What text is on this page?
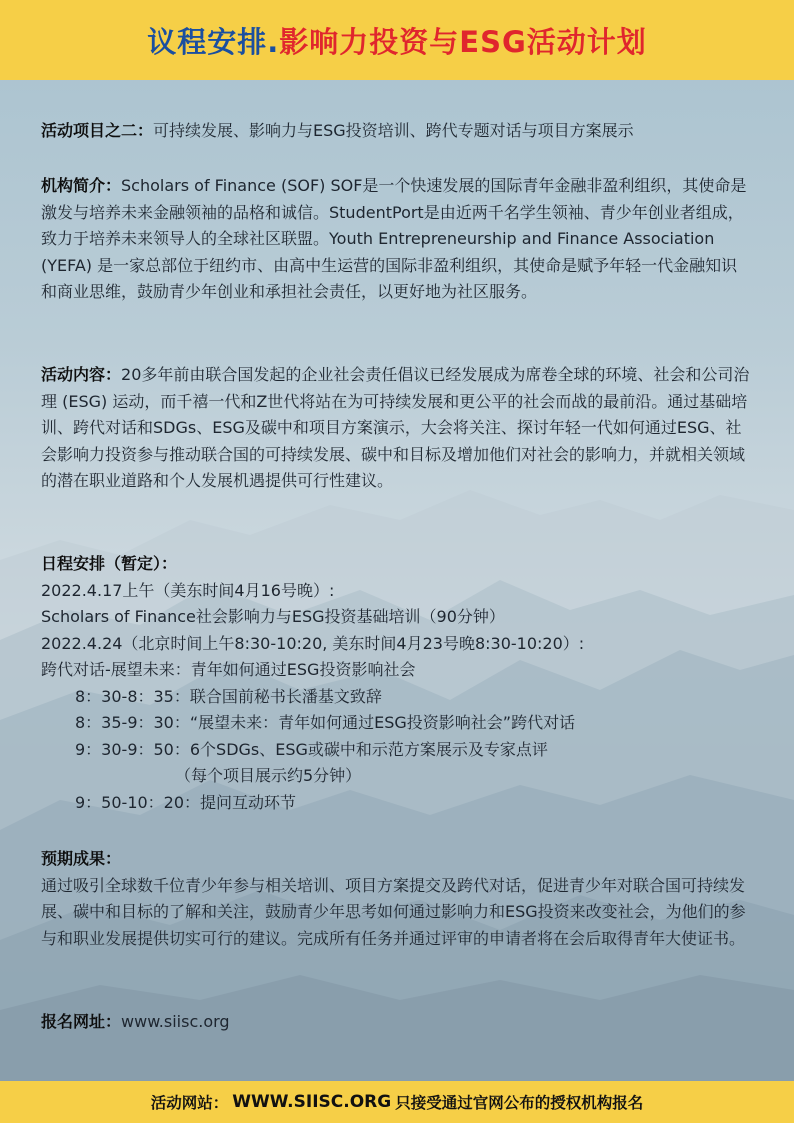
议程安排. 影响力投资与ESG活动计划

活动项目之二：可持续发展、影响力与ESG投资培训、跨代专题对话与项目方案展示

机构简介：Scholars of Finance (SOF) SOF是一个快速发展的国际青年金融非盈利组织，其使命是激发与培养未来金融领袖的品格和诚信。StudentPort是由近两千名学生领袖、青少年创业者组成，致力于培养未来领导人的全球社区联盟。Youth Entrepreneurship and Finance Association (YEFA) 是一家总部位于纽约市、由高中生运营的国际非盈利组织，其使命是赋予年轻一代金融知识和商业思维，鼓励青少年创业和承担社会责任，以更好地为社区服务。

活动内容：20多年前由联合国发起的企业社会责任倡议已经发展成为席卷全球的环境、社会和公司治理 (ESG) 运动，而千禧一代和Z世代将站在为可持续发展和更公平的社会而战的最前沿。通过基础培训、跨代对话和SDGs、ESG及碳中和项目方案演示，大会将关注、探讨年轻一代如何通过ESG、社会影响力投资参与推动联合国的可持续发展、碳中和目标及增加他们对社会的影响力，并就相关领域的潜在职业道路和个人发展机遇提供可行性建议。

日程安排（暂定）：

2022.4.17上午（美东时间4月16号晚）:

Scholars of Finance社会影响力与ESG投资基础培训（90分钟）

2022.4.24（北京时间上午8:30-10:20, 美东时间4月23号晚8:30-10:20）:

跨代对话-展望未来：青年如何通过ESG投资影响社会

8：30-8：35：联合国前秘书长潘基文致辞

8：35-9：30：“展望未来：青年如何通过ESG投资影响社会”跨代对话

9：30-9：50：6个SDGs、ESG或碳中和示范方案展示及专家点评

（每个项目展示约5分钟）

9：50-10：20：提问互动环节

预期成果：

通过吸引全球数千位青少年参与相关培训、项目方案提交及跨代对话，促进青少年对联合国可持续发展、碳中和目标的了解和关注，鼓励青少年思考如何通过影响力和ESG投资来改变社会，为他们的参与和职业发展提供切实可行的建议。完成所有任务并通过评审的申请者将在会后取得青年大使证书。

报名网址：www.siisc.org

活动网站： WWW.SIISC.ORG 只接受通过官网公布的授权机构报名
